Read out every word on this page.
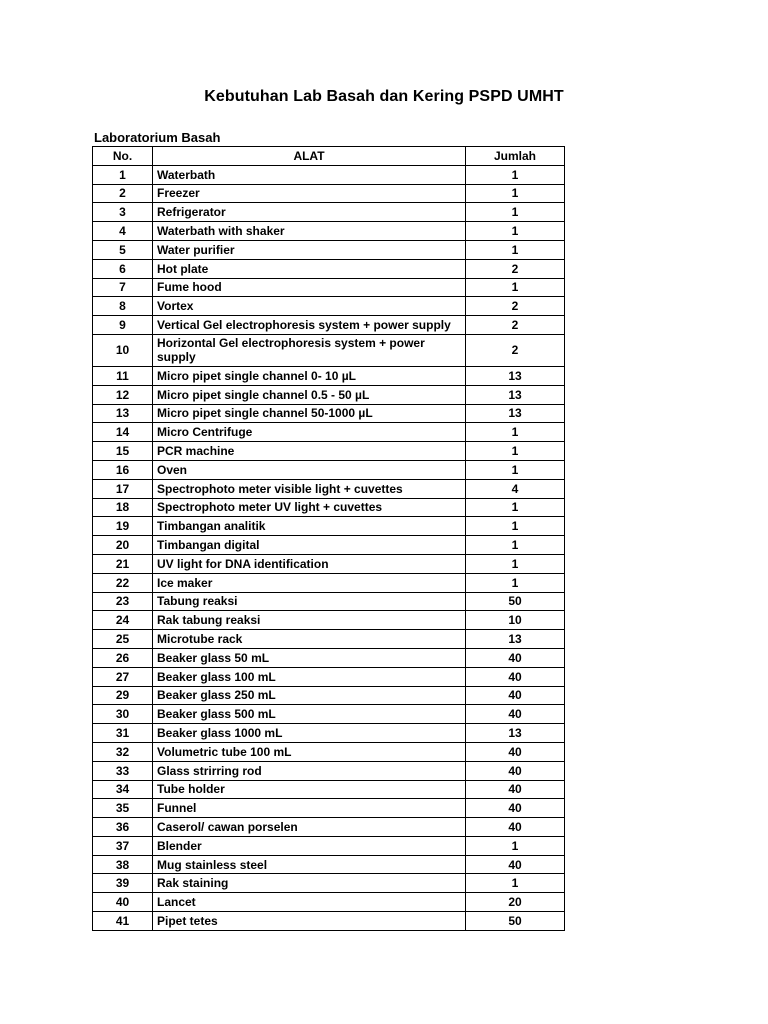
Kebutuhan Lab Basah dan Kering PSPD UMHT
Laboratorium Basah
No.	ALAT	Jumlah
1	Waterbath	1
2	Freezer	1
3	Refrigerator	1
4	Waterbath with shaker	1
5	Water purifier	1
6	Hot plate	2
7	Fume hood	1
8	Vortex	2
9	Vertical Gel electrophoresis system + power supply	2
10	Horizontal Gel electrophoresis system + power supply	2
11	Micro pipet single channel 0- 10 µL	13
12	Micro pipet single channel 0.5 - 50 µL	13
13	Micro pipet single channel 50-1000 µL	13
14	Micro Centrifuge	1
15	PCR machine	1
16	Oven	1
17	Spectrophoto meter visible light + cuvettes	4
18	Spectrophoto meter UV light + cuvettes	1
19	Timbangan analitik	1
20	Timbangan digital	1
21	UV light for DNA identification	1
22	Ice maker	1
23	Tabung reaksi	50
24	Rak tabung reaksi	10
25	Microtube rack	13
26	Beaker glass 50 mL	40
27	Beaker glass 100 mL	40
29	Beaker glass 250 mL	40
30	Beaker glass 500 mL	40
31	Beaker glass 1000 mL	13
32	Volumetric tube 100 mL	40
33	Glass strirring rod	40
34	Tube holder	40
35	Funnel	40
36	Caserol/ cawan porselen	40
37	Blender	1
38	Mug stainless steel	40
39	Rak staining	1
40	Lancet	20
41	Pipet tetes	50
